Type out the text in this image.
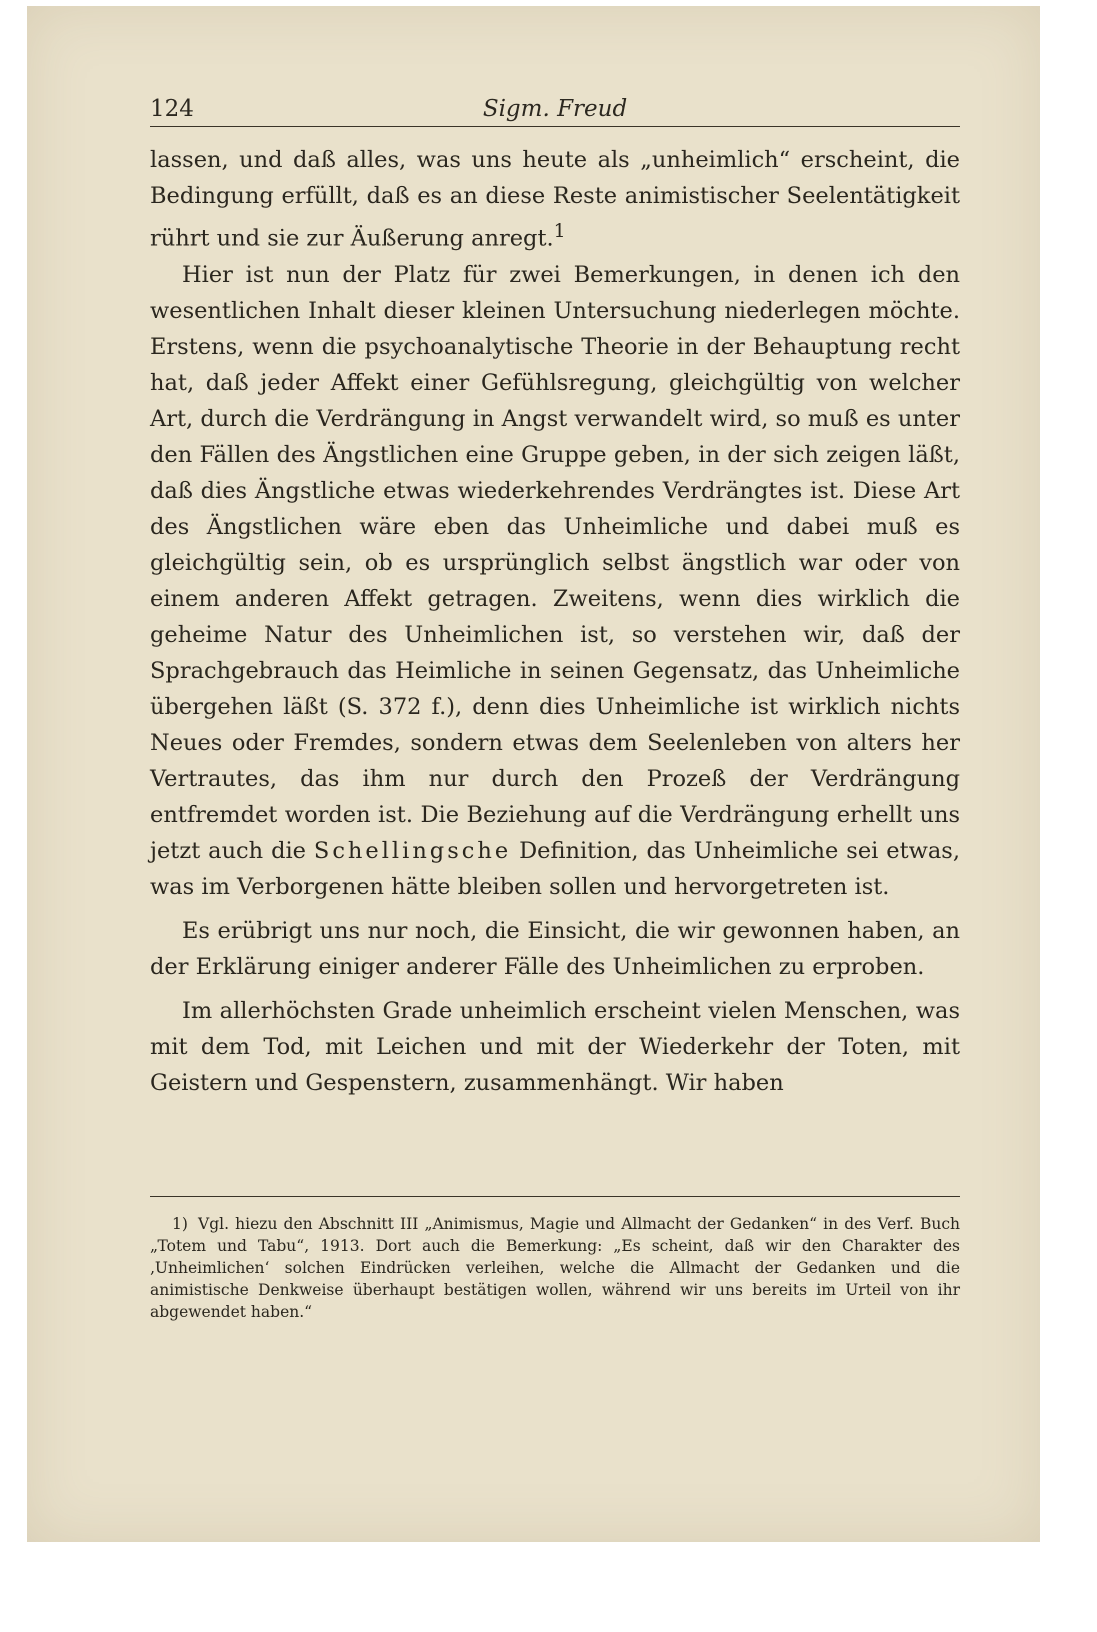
124	Sigm. Freud

lassen, und daß alles, was uns heute als „unheimlich“ erscheint, die Bedingung erfüllt, daß es an diese Reste animistischer Seelentätigkeit rührt und sie zur Äußerung anregt.$^1$

Hier ist nun der Platz für zwei Bemerkungen, in denen ich den wesentlichen Inhalt dieser kleinen Untersuchung niederlegen möchte. Erstens, wenn die psychoanalytische Theorie in der Behauptung recht hat, daß jeder Affekt einer Gefühlsregung, gleichgültig von welcher Art, durch die Verdrängung in Angst verwandelt wird, so muß es unter den Fällen des Ängstlichen eine Gruppe geben, in der sich zeigen läßt, daß dies Ängstliche etwas wiederkehrendes Verdrängtes ist. Diese Art des Ängstlichen wäre eben das Unheimliche und dabei muß es gleichgültig sein, ob es ursprünglich selbst ängstlich war oder von einem anderen Affekt getragen. Zweitens, wenn dies wirklich die geheime Natur des Unheimlichen ist, so verstehen wir, daß der Sprachgebrauch das Heimliche in seinen Gegensatz, das Unheimliche übergehen läßt (S. 372 f.), denn dies Unheimliche ist wirklich nichts Neues oder Fremdes, sondern etwas dem Seelenleben von alters her Vertrautes, das ihm nur durch den Prozeß der Verdrängung entfremdet worden ist. Die Beziehung auf die Verdrängung erhellt uns jetzt auch die Schellingsche Definition, das Unheimliche sei etwas, was im Verborgenen hätte bleiben sollen und hervorgetreten ist.

Es erübrigt uns nur noch, die Einsicht, die wir gewonnen haben, an der Erklärung einiger anderer Fälle des Unheimlichen zu erproben.

Im allerhöchsten Grade unheimlich erscheint vielen Menschen, was mit dem Tod, mit Leichen und mit der Wiederkehr der Toten, mit Geistern und Gespenstern, zusammenhängt. Wir haben

1) Vgl. hiezu den Abschnitt III „Animismus, Magie und Allmacht der Gedanken“ in des Verf. Buch „Totem und Tabu“, 1913. Dort auch die Bemerkung: „Es scheint, daß wir den Charakter des ‚Unheimlichen‘ solchen Eindrücken verleihen, welche die Allmacht der Gedanken und die animistische Denkweise überhaupt bestätigen wollen, während wir uns bereits im Urteil von ihr abgewendet haben.“
